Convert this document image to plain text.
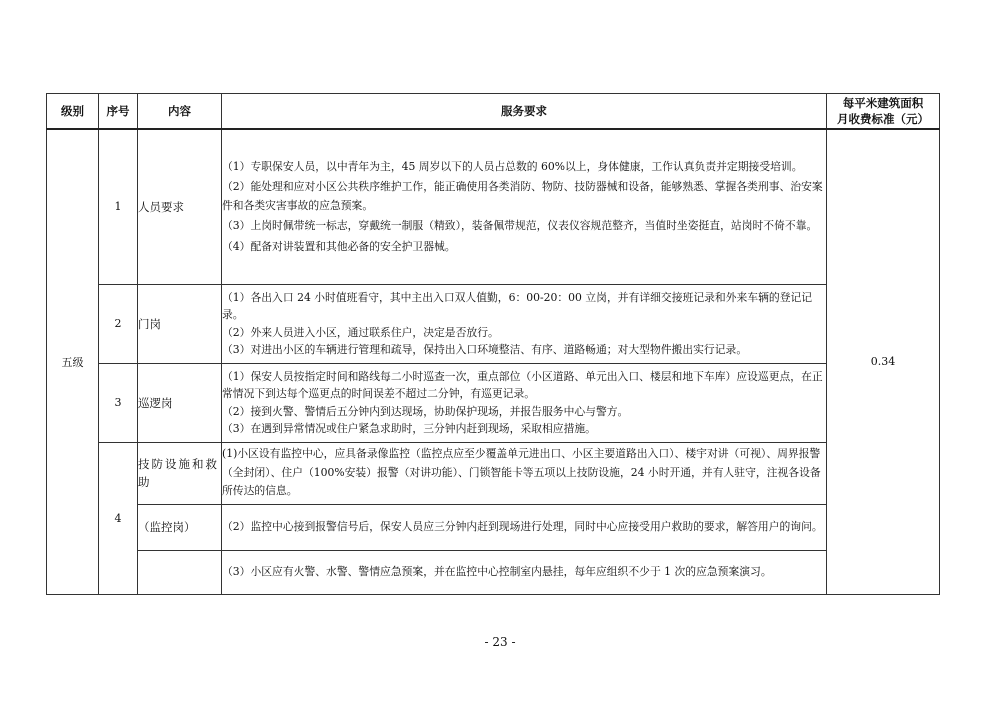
级别	序号	内容	服务要求	每平米建筑面积
月收费标准（元）
五级	1	人员要求	（1）专职保安人员，以中青年为主，45 周岁以下的人员占总数的 60%以上，身体健康，工作认真负责并定期接受培训。

（2）能处理和应对小区公共秩序维护工作，能正确使用各类消防、物防、技防器械和设备，能够熟悉、掌握各类刑事、治安案件和各类灾害事故的应急预案。

（3）上岗时佩带统一标志，穿戴统一制服（精致），装备佩带规范，仪表仪容规范整齐，当值时坐姿挺直，站岗时不倚不靠。

（4）配备对讲装置和其他必备的安全护卫器械。	0.34
	2	门岗	（1）各出入口 24 小时值班看守，其中主出入口双人值勤，6：00-20：00 立岗，并有详细交接班记录和外来车辆的登记记录。

（2）外来人员进入小区，通过联系住户，决定是否放行。

（3）对进出小区的车辆进行管理和疏导，保持出入口环境整洁、有序、道路畅通；对大型物件搬出实行记录。	

	3	巡逻岗	（1）保安人员按指定时间和路线每二小时巡查一次，重点部位（小区道路、单元出入口、楼层和地下车库）应设巡更点，在正常情况下到达每个巡更点的时间误差不超过二分钟，有巡更记录。

（2）接到火警、警情后五分钟内到达现场，协助保护现场，并报告服务中心与警方。

（3）在遇到异常情况或住户紧急求助时，三分钟内赶到现场，采取相应措施。	

	4	技防设施和救助	(1)小区设有监控中心，应具备录像监控（监控点应至少覆盖单元进出口、小区主要道路出入口）、楼宇对讲（可视）、周界报警（全封闭）、住户（100%安装）报警（对讲功能）、门锁智能卡等五项以上技防设施，24 小时开通，并有人驻守，注视各设备所传达的信息。	
		（监控岗）	（2）监控中心接到报警信号后，保安人员应三分钟内赶到现场进行处理，同时中心应接受用户救助的要求，解答用户的询问。	

			（3）小区应有火警、水警、警情应急预案，并在监控中心控制室内悬挂，每年应组织不少于 1 次的应急预案演习。	
- 23 -
